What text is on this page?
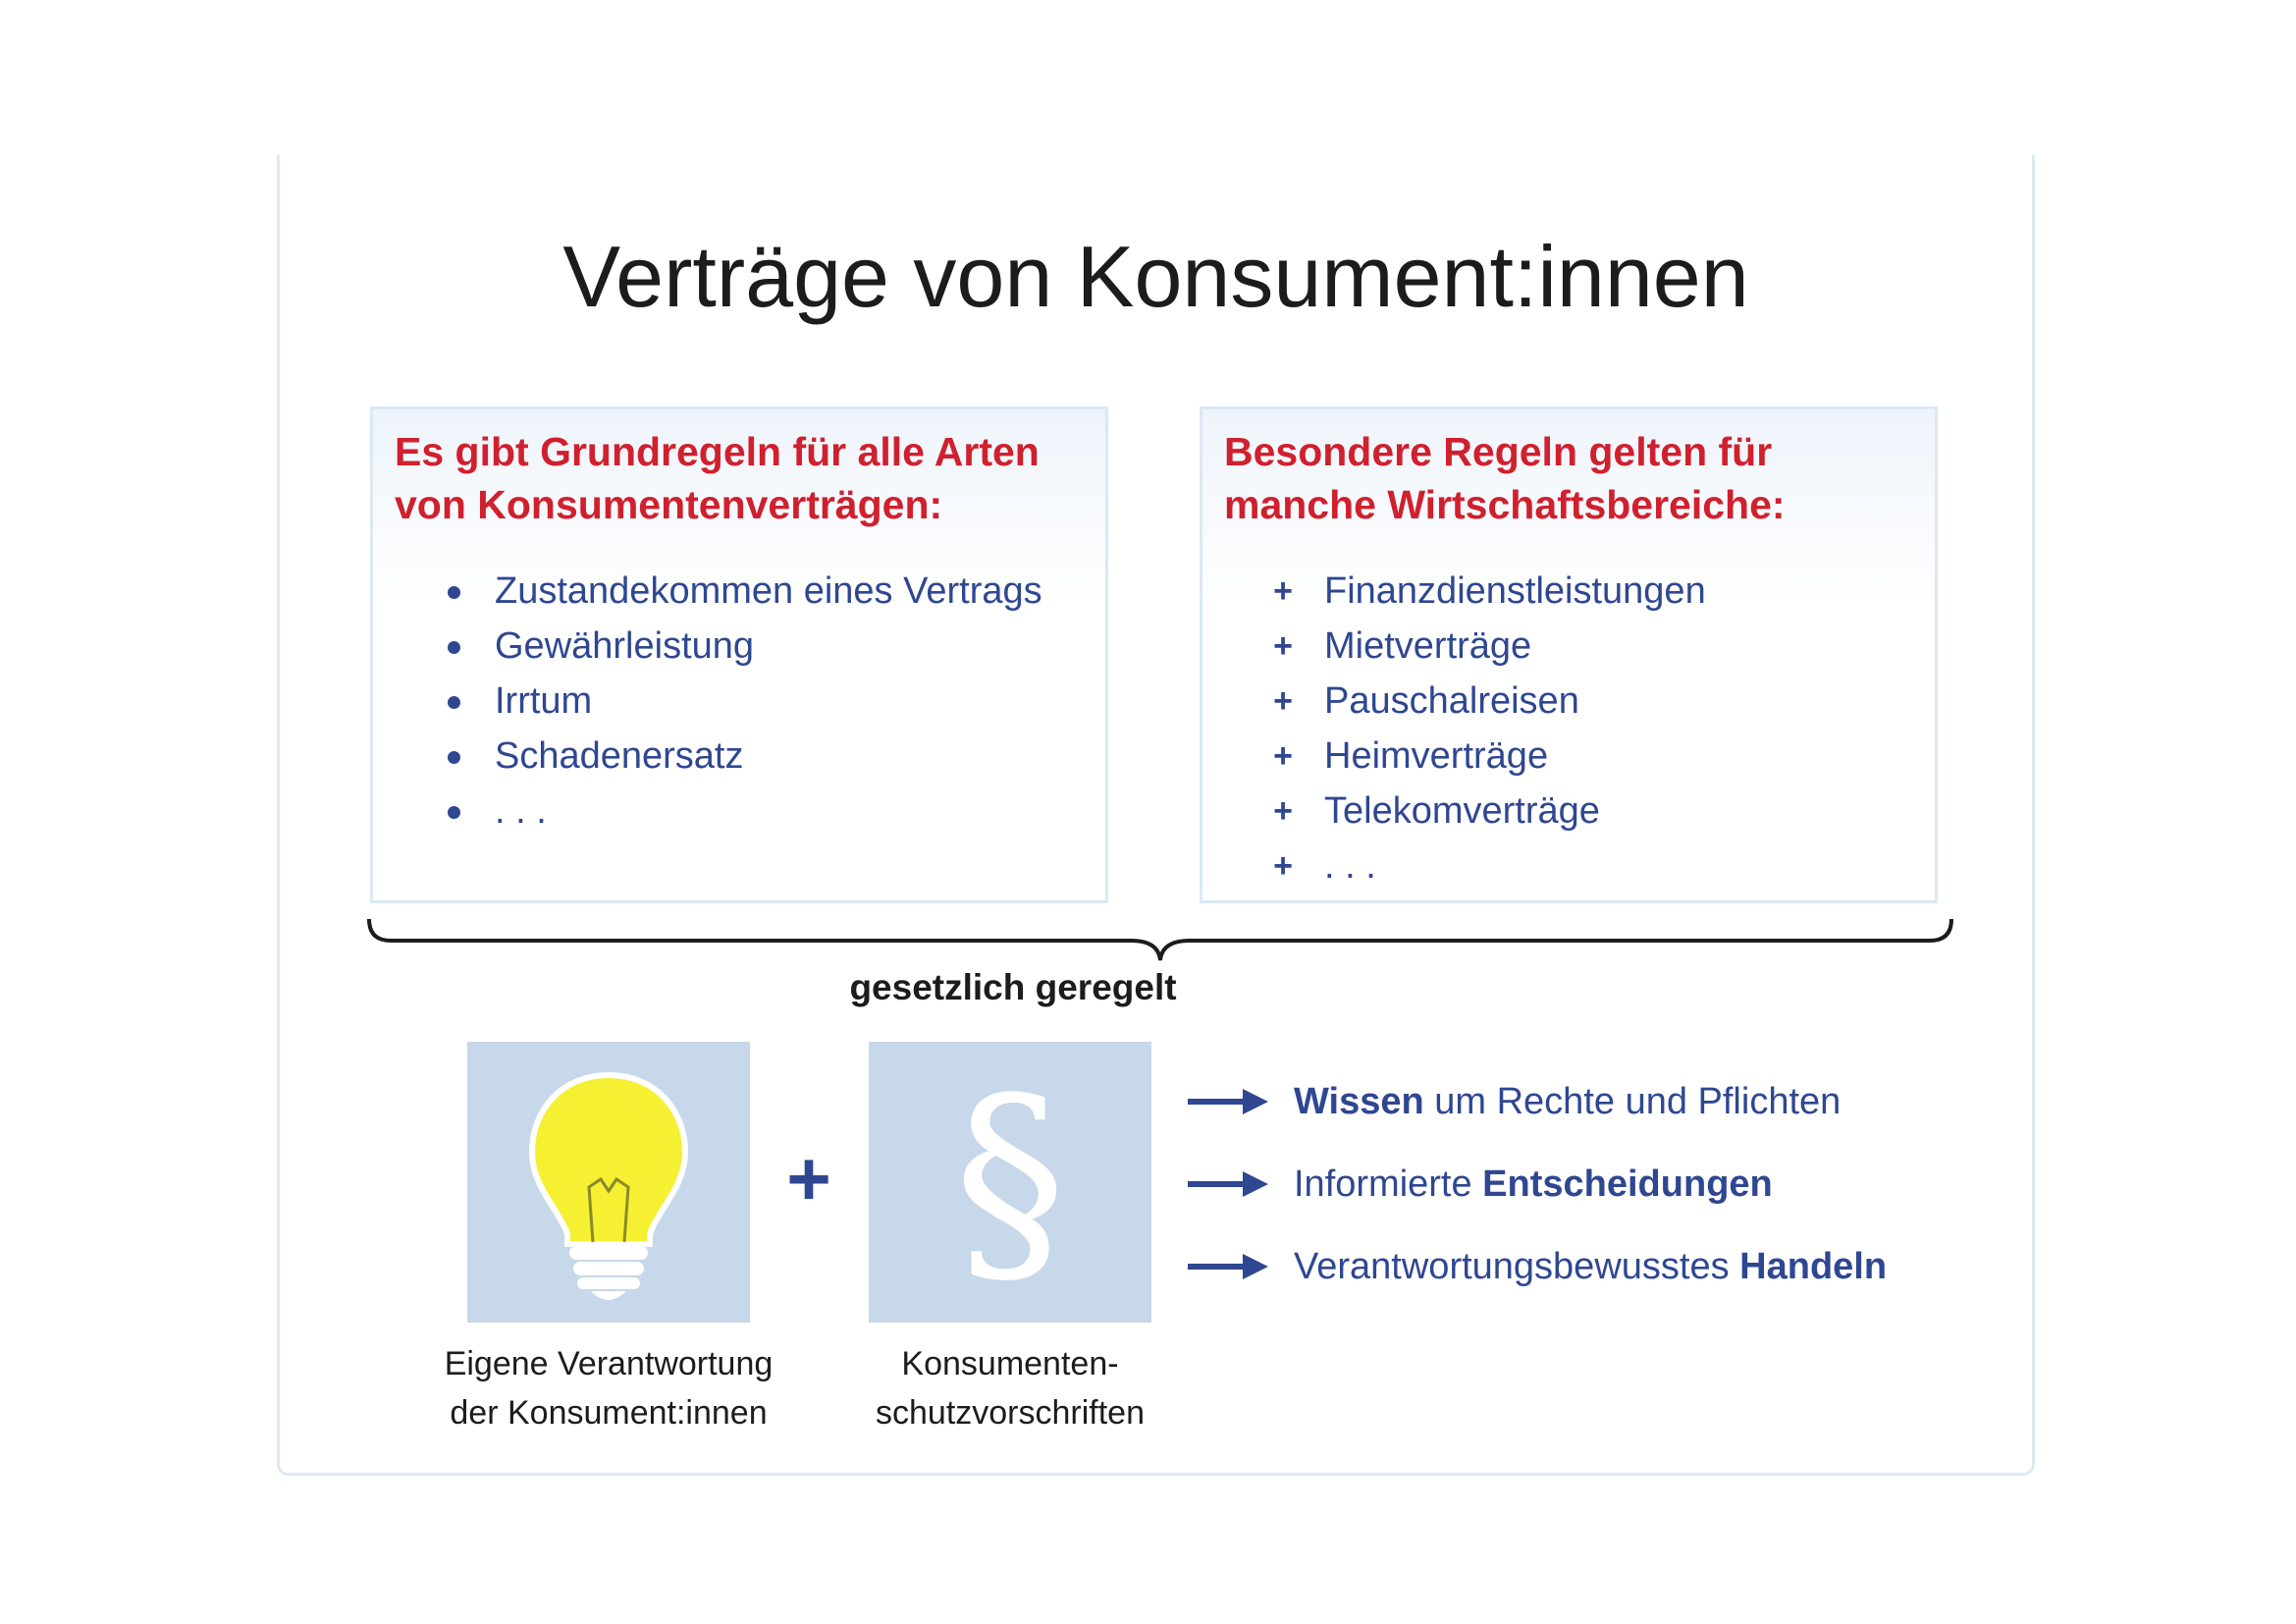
Verträge von Konsument:innen
Es gibt Grundregeln für alle Arten
von Konsumentenverträgen:
Zustandekommen eines Vertrags
Gewährleistung
Irrtum
Schadenersatz
. . .
Besondere Regeln gelten für
manche Wirtschaftsbereiche:
+ Finanzdienstleistungen
+ Mietverträge
+ Pauschalreisen
+ Heimverträge
+ Telekomverträge
+ . . .
gesetzlich geregelt
+ §
Eigene Verantwortung
der Konsument:innen
Konsumenten-
schutzvorschriften
Wissen um Rechte und Pflichten
Informierte Entscheidungen
Verantwortungsbewusstes Handeln
